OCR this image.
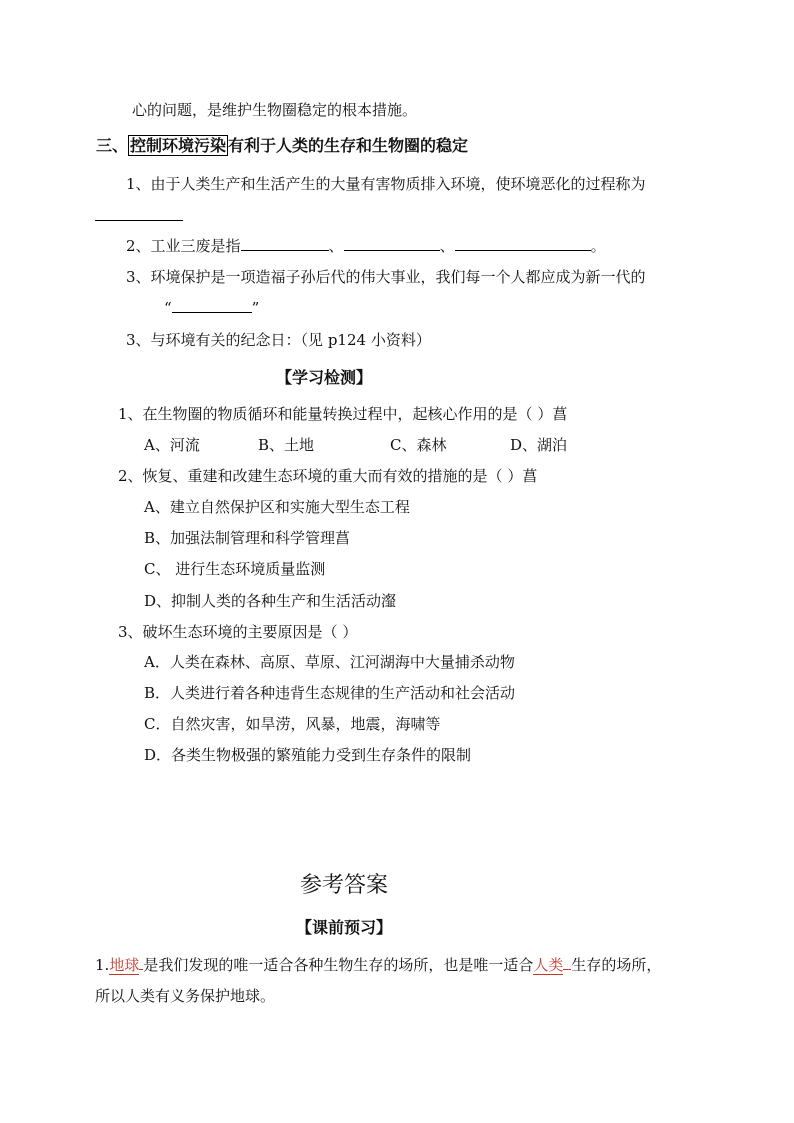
心的问题，是维护生物圈稳定的根本措施。
三、 控制环境污染 有利于人类的生存和生物圈的稳定
1、由于人类生产和生活产生的大量有害物质排入环境，使环境恶化的过程称为
2、工业三废是指	、	、	。
3、环境保护是一项造福子孙后代的伟大事业，我们每一个人都应成为新一代的
“	”
3、与环境有关的纪念日：（见 p124 小资料）
【学习检测】
1、在生物圈的物质循环和能量转换过程中，起核心作用的是（ ）菖
A、河流	B、土地	C、森林	D、湖泊
2、恢复、重建和改建生态环境的重大而有效的措施的是（ ）菖
A、建立自然保护区和实施大型生态工程
B、加强法制管理和科学管理菖
C、 进行生态环境质量监测
D、抑制人类的各种生产和生活活动瀣
3、破坏生态环境的主要原因是（ ）
A．人类在森林、高原、草原、江河湖海中大量捕杀动物
B．人类进行着各种违背生态规律的生产活动和社会活动
C．自然灾害，如旱涝，风暴，地震，海啸等
D．各类生物极强的繁殖能力受到生存条件的限制
参考答案
【课前预习】
1.地球 是我们发现的唯一适合各种生物生存的场所，也是唯一适合人类 生存的场所，
所以人类有义务保护地球。
